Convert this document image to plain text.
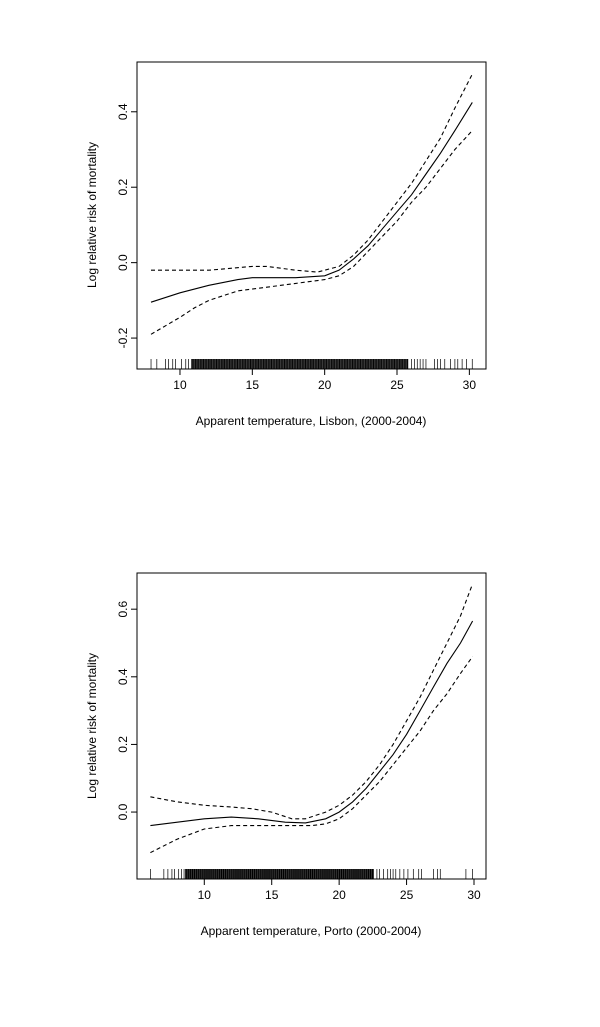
Apparent temperature, Lisbon, (2000-2004)
Log relative risk of mortality
10	15	20	25	30
-0.2
0.0
0.2
0.4
Apparent temperature, Porto (2000-2004)
Log relative risk of mortality
10	15	20	25	30
0.0
0.2
0.4
0.6
